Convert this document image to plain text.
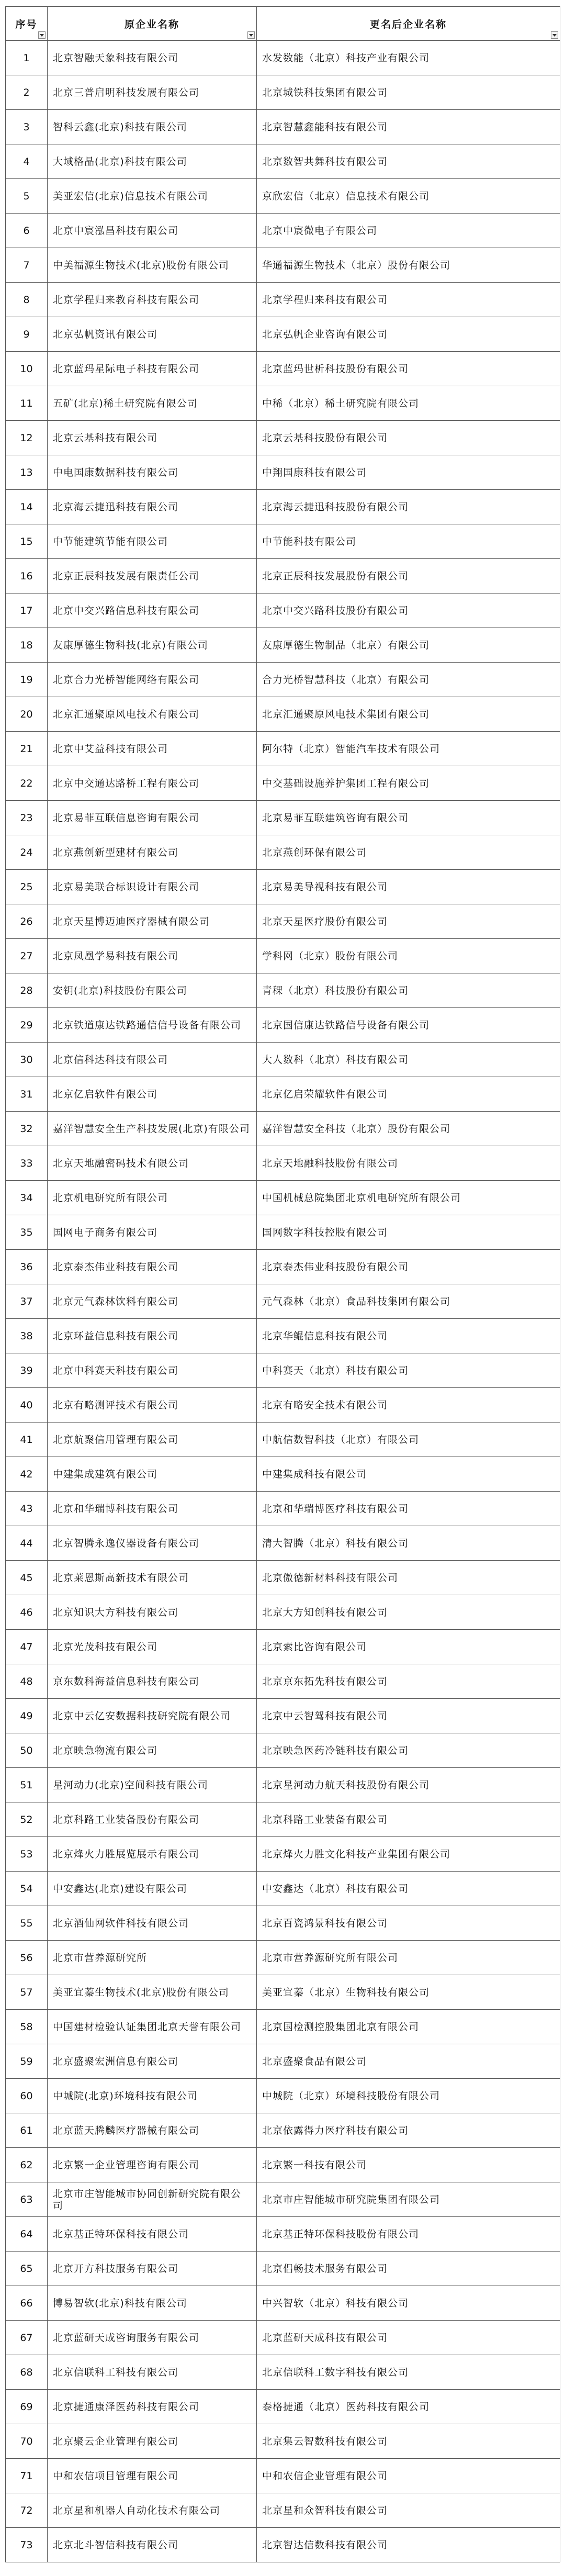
序号	原企业名称	更名后企业名称

1	北京智融天象科技有限公司	水发数能（北京）科技产业有限公司
2	北京三普启明科技发展有限公司	北京城铁科技集团有限公司
3	智科云鑫(北京)科技有限公司	北京智慧鑫能科技有限公司
4	大域格晶(北京)科技有限公司	北京数智共舞科技有限公司
5	美亚宏信(北京)信息技术有限公司	京欣宏信（北京）信息技术有限公司
6	北京中宸泓昌科技有限公司	北京中宸微电子有限公司
7	中美福源生物技术(北京)股份有限公司	华通福源生物技术（北京）股份有限公司
8	北京学程归来教育科技有限公司	北京学程归来科技有限公司
9	北京弘帆资讯有限公司	北京弘帆企业咨询有限公司
10	北京蓝玛星际电子科技有限公司	北京蓝玛世析科技股份有限公司
11	五矿(北京)稀土研究院有限公司	中稀（北京）稀土研究院有限公司
12	北京云基科技有限公司	北京云基科技股份有限公司
13	中电国康数据科技有限公司	中翔国康科技有限公司
14	北京海云捷迅科技有限公司	北京海云捷迅科技股份有限公司
15	中节能建筑节能有限公司	中节能科技有限公司
16	北京正辰科技发展有限责任公司	北京正辰科技发展股份有限公司
17	北京中交兴路信息科技有限公司	北京中交兴路科技股份有限公司
18	友康厚德生物科技(北京)有限公司	友康厚德生物制品（北京）有限公司
19	北京合力光桥智能网络有限公司	合力光桥智慧科技（北京）有限公司
20	北京汇通聚原风电技术有限公司	北京汇通聚原风电技术集团有限公司
21	北京中艾益科技有限公司	阿尔特（北京）智能汽车技术有限公司
22	北京中交通达路桥工程有限公司	中交基础设施养护集团工程有限公司
23	北京易菲互联信息咨询有限公司	北京易菲互联建筑咨询有限公司
24	北京燕创新型建材有限公司	北京燕创环保有限公司
25	北京易美联合标识设计有限公司	北京易美导视科技有限公司
26	北京天星博迈迪医疗器械有限公司	北京天星医疗股份有限公司
27	北京凤凰学易科技有限公司	学科网（北京）股份有限公司
28	安钥(北京)科技股份有限公司	青稞（北京）科技股份有限公司
29	北京铁道康达铁路通信信号设备有限公司	北京国信康达铁路信号设备有限公司
30	北京信科达科技有限公司	大人数科（北京）科技有限公司
31	北京亿启软件有限公司	北京亿启荣耀软件有限公司
32	嘉洋智慧安全生产科技发展(北京)有限公司	嘉洋智慧安全科技（北京）股份有限公司
33	北京天地融密码技术有限公司	北京天地融科技股份有限公司
34	北京机电研究所有限公司	中国机械总院集团北京机电研究所有限公司
35	国网电子商务有限公司	国网数字科技控股有限公司
36	北京泰杰伟业科技有限公司	北京泰杰伟业科技股份有限公司
37	北京元气森林饮料有限公司	元气森林（北京）食品科技集团有限公司
38	北京环益信息科技有限公司	北京华鲲信息科技有限公司
39	北京中科赛天科技有限公司	中科赛天（北京）科技有限公司
40	北京有略测评技术有限公司	北京有略安全技术有限公司
41	北京航聚信用管理有限公司	中航信数智科技（北京）有限公司
42	中建集成建筑有限公司	中建集成科技有限公司
43	北京和华瑞博科技有限公司	北京和华瑞博医疗科技有限公司
44	北京智腾永逸仪器设备有限公司	清大智腾（北京）科技有限公司
45	北京莱恩斯高新技术有限公司	北京傲德新材料科技有限公司
46	北京知识大方科技有限公司	北京大方知创科技有限公司
47	北京光茂科技有限公司	北京索比咨询有限公司
48	京东数科海益信息科技有限公司	北京京东拓先科技有限公司
49	北京中云亿安数据科技研究院有限公司	北京中云智驾科技有限公司
50	北京映急物流有限公司	北京映急医药冷链科技有限公司
51	星河动力(北京)空间科技有限公司	北京星河动力航天科技股份有限公司
52	北京科路工业装备股份有限公司	北京科路工业装备有限公司
53	北京烽火力胜展览展示有限公司	北京烽火力胜文化科技产业集团有限公司
54	中安鑫达(北京)建设有限公司	中安鑫达（北京）科技有限公司
55	北京酒仙网软件科技有限公司	北京百瓷鸿景科技有限公司
56	北京市营养源研究所	北京市营养源研究所有限公司
57	美亚宜蓁生物技术(北京)股份有限公司	美亚宜蓁（北京）生物科技有限公司
58	中国建材检验认证集团北京天誉有限公司	北京国检测控股集团北京有限公司
59	北京盛聚宏洲信息有限公司	北京盛聚食品有限公司
60	中城院(北京)环境科技有限公司	中城院（北京）环境科技股份有限公司
61	北京蓝天腾麟医疗器械有限公司	北京依露得力医疗科技有限公司
62	北京繁一企业管理咨询有限公司	北京繁一科技有限公司
63	北京市庄智能城市协同创新研究院有限公司	北京市庄智能城市研究院集团有限公司
64	北京基正特环保科技有限公司	北京基正特环保科技股份有限公司
65	北京开方科技服务有限公司	北京侣畅技术服务有限公司
66	博易智软(北京)科技有限公司	中兴智软（北京）科技有限公司
67	北京蓝研天成咨询服务有限公司	北京蓝研天成科技有限公司
68	北京信联科工科技有限公司	北京信联科工数字科技有限公司
69	北京捷通康泽医药科技有限公司	泰格捷通（北京）医药科技有限公司
70	北京聚云企业管理有限公司	北京集云智数科技有限公司
71	中和农信项目管理有限公司	中和农信企业管理有限公司
72	北京星和机器人自动化技术有限公司	北京星和众智科技有限公司
73	北京北斗智信科技有限公司	北京智达信数科技有限公司
